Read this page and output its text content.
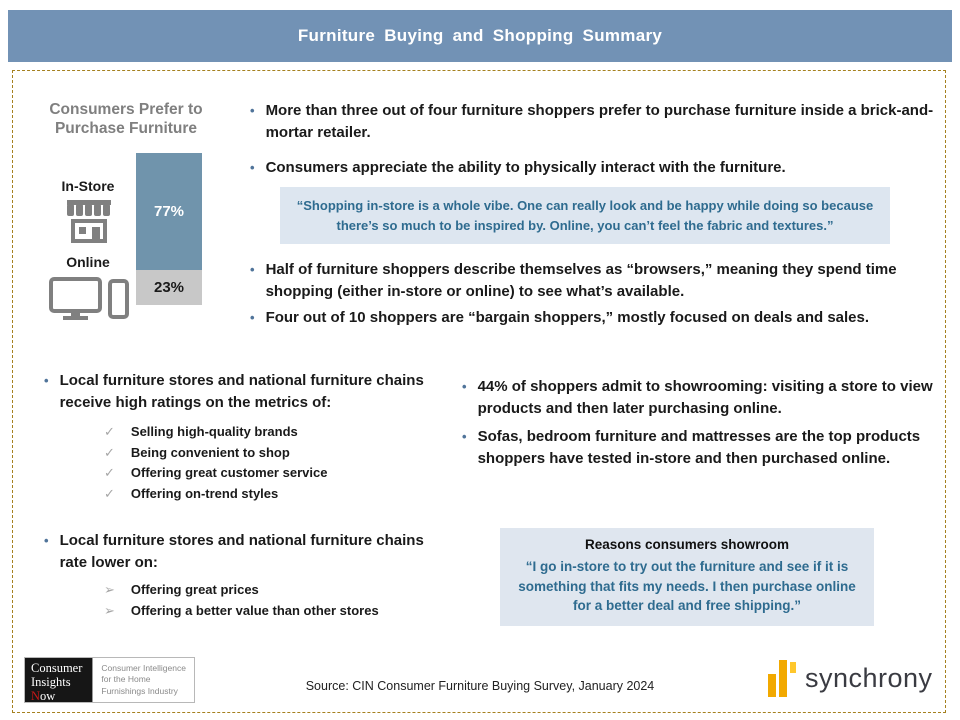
Furniture Buying and Shopping Summary
Consumers Prefer to Purchase Furniture
In-Store
Online
77%
23%
• More than three out of four furniture shoppers prefer to purchase furniture inside a brick-and-mortar retailer.
• Consumers appreciate the ability to physically interact with the furniture.
“Shopping in-store is a whole vibe. One can really look and be happy while doing so because there’s so much to be inspired by. Online, you can’t feel the fabric and textures.”
• Half of furniture shoppers describe themselves as “browsers,” meaning they spend time shopping (either in-store or online) to see what’s available.
• Four out of 10 shoppers are “bargain shoppers,” mostly focused on deals and sales.
• Local furniture stores and national furniture chains receive high ratings on the metrics of:
✓ Selling high-quality brands
✓ Being convenient to shop
✓ Offering great customer service
✓ Offering on-trend styles
• Local furniture stores and national furniture chains rate lower on:
➢ Offering great prices
➢ Offering a better value than other stores
• 44% of shoppers admit to showrooming: visiting a store to view products and then later purchasing online.
• Sofas, bedroom furniture and mattresses are the top products shoppers have tested in-store and then purchased online.
Reasons consumers showroom
“I go in-store to try out the furniture and see if it is something that fits my needs. I then purchase online for a better deal and free shipping.”
Consumer
Insights
Now
Consumer Intelligence
for the Home
Furnishings Industry	Source: CIN Consumer Furniture Buying Survey, January 2024	synchrony
